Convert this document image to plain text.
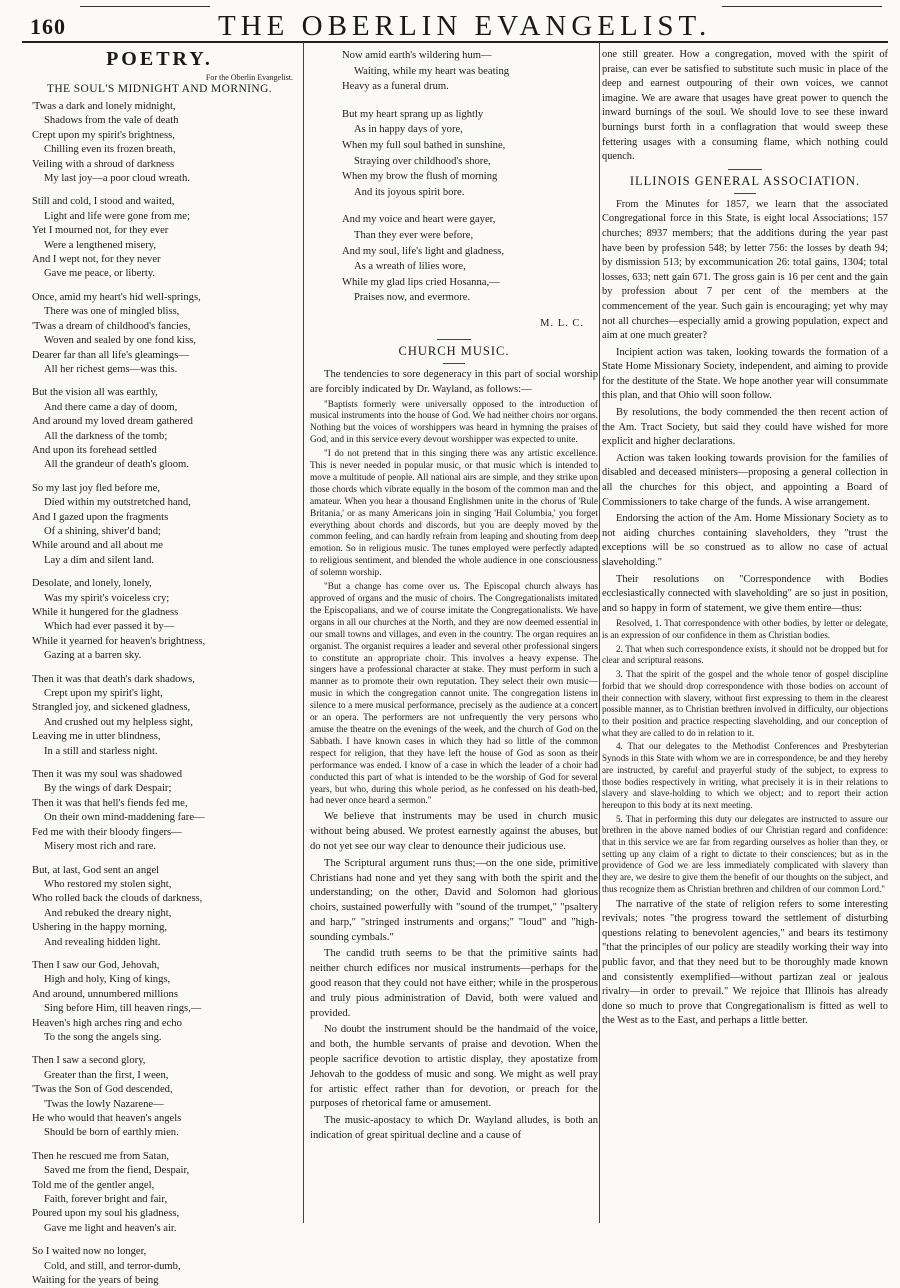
160	THE OBERLIN EVANGELIST.
POETRY.
For the Oberlin Evangelist.
THE SOUL'S MIDNIGHT AND MORNING.
'Twas a dark and lonely midnight,
Shadows from the vale of death
Crept upon my spirit's brightness,
Chilling even its frozen breath,
Veiling with a shroud of darkness
My last joy—a poor cloud wreath.
Still and cold, I stood and waited,
Light and life were gone from me;
Yet I mourned not, for they ever
Were a lengthened misery,
And I wept not, for they never
Gave me peace, or liberty.
Once, amid my heart's hid well-springs,
There was one of mingled bliss,
'Twas a dream of childhood's fancies,
Woven and sealed by one fond kiss,
Dearer far than all life's gleamings—
All her richest gems—was this.
But the vision all was earthly,
And there came a day of doom,
And around my loved dream gathered
All the darkness of the tomb;
And upon its forehead settled
All the grandeur of death's gloom.
So my last joy fled before me,
Died within my outstretched hand,
And I gazed upon the fragments
Of a shining, shiver'd band;
While around and all about me
Lay a dim and silent land.
Desolate, and lonely, lonely,
Was my spirit's voiceless cry;
While it hungered for the gladness
Which had ever passed it by—
While it yearned for heaven's brightness,
Gazing at a barren sky.
Then it was that death's dark shadows,
Crept upon my spirit's light,
Strangled joy, and sickened gladness,
And crushed out my helpless sight,
Leaving me in utter blindness,
In a still and starless night.
Then it was my soul was shadowed
By the wings of dark Despair;
Then it was that hell's fiends fed me,
On their own mind-maddening fare—
Fed me with their bloody fingers—
Misery most rich and rare.
But, at last, God sent an angel
Who restored my stolen sight,
Who rolled back the clouds of darkness,
And rebuked the dreary night,
Ushering in the happy morning,
And revealing hidden light.
Then I saw our God, Jehovah,
High and holy, King of kings,
And around, unnumbered millions
Sing before Him, till heaven rings,—
Heaven's high arches ring and echo
To the song the angels sing.
Then I saw a second glory,
Greater than the first, I ween,
'Twas the Son of God descended,
'Twas the lowly Nazarene—
He who would that heaven's angels
Should be born of earthly mien.
Then he rescued me from Satan,
Saved me from the fiend, Despair,
Told me of the gentler angel,
Faith, forever bright and fair,
Poured upon my soul his gladness,
Gave me light and heaven's air.
So I waited now no longer,
Cold, and still, and terror-dumb,
Waiting for the years of being
Now amid earth's wildering hum—
Waiting, while my heart was beating
Heavy as a funeral drum.
But my heart sprang up as lightly
As in happy days of yore,
When my full soul bathed in sunshine,
Straying over childhood's shore,
When my brow the flush of morning
And its joyous spirit bore.
And my voice and heart were gayer,
Than they ever were before,
And my soul, life's light and gladness,
As a wreath of lilies wore,
While my glad lips cried Hosanna,—
Praises now, and evermore.
M. L. C.
CHURCH MUSIC.

The tendencies to sore degeneracy in this part of social worship are forcibly indicated by Dr. Wayland, as follows:—

"Baptists formerly were universally opposed to the introduction of musical instruments into the house of God. We had neither choirs nor organs. Nothing but the voices of worshippers was heard in hymning the praises of God, and in this service every devout worshipper was expected to unite.

"I do not pretend that in this singing there was any artistic excellence. This is never needed in popular music, or that music which is intended to move a multitude of people. All national airs are simple, and they strike upon those chords which vibrate equally in the bosom of the common man and the amateur. When you hear a thousand Englishmen unite in the chorus of 'Rule Britania,' or as many Americans join in singing 'Hail Columbia,' you forget everything about chords and discords, but you are deeply moved by the common feeling, and can hardly refrain from leaping and shouting from deep emotion. So in religious music. The tunes employed were perfectly adapted to religious sentiment, and blended the whole audience in one consciousness of solemn worship.

"But a change has come over us. The Episcopal church always has approved of organs and the music of choirs. The Congregationalists imitated the Episcopalians, and we of course imitate the Congregationalists. We have organs in all our churches at the North, and they are now deemed essential in our small towns and villages, and even in the country. The organ requires an organist. The organist requires a leader and several other professional singers to constitute an appropriate choir. This involves a heavy expense. The singers have a professional character at stake. They must perform in such a manner as to promote their own reputation. They select their own music—music in which the congregation cannot unite. The congregation listens in silence to a mere musical performance, precisely as the audience at a concert or an opera. The performers are not unfrequently the very persons who amuse the theatre on the evenings of the week, and the church of God on the Sabbath. I have known cases in which they had so little of the common respect for religion, that they have left the house of God as soon as their performance was ended. I know of a case in which the leader of a choir had conducted this part of what is intended to be the worship of God for several years, but who, during this whole period, as he confessed on his death-bed, had never once heard a sermon."

We believe that instruments may be used in church music without being abused. We protest earnestly against the abuses, but do not yet see our way clear to denounce their judicious use.

The Scriptural argument runs thus;—on the one side, primitive Christians had none and yet they sang with both the spirit and the understanding; on the other, David and Solomon had glorious choirs, sustained powerfully with "sound of the trumpet," "psaltery and harp," "stringed instruments and organs;" "loud" and "high-sounding cymbals."

The candid truth seems to be that the primitive saints had neither church edifices nor musical instruments—perhaps for the good reason that they could not have either; while in the prosperous and truly pious administration of David, both were valued and provided.

No doubt the instrument should be the handmaid of the voice, and both, the humble servants of praise and devotion. When the people sacrifice devotion to artistic display, they apostatize from Jehovah to the goddess of music and song. We might as well pray for artistic effect rather than for devotion, or preach for the purposes of rhetorical fame or amusement.

The music-apostacy to which Dr. Wayland alludes, is both an indication of great spiritual decline and a cause of

one still greater. How a congregation, moved with the spirit of praise, can ever be satisfied to substitute such music in place of the deep and earnest outpouring of their own voices, we cannot imagine. We are aware that usages have great power to quench the inward burnings of the soul. We should love to see these inward burnings burst forth in a conflagration that would sweep these fettering usages with a consuming flame, which nothing could quench.

ILLINOIS GENERAL ASSOCIATION.

From the Minutes for 1857, we learn that the associated Congregational force in this State, is eight local Associations; 157 churches; 8937 members; that the additions during the year past have been by profession 548; by letter 756: the losses by death 94; by dismission 513; by excommunication 26: total gains, 1304; total losses, 633; nett gain 671. The gross gain is 16 per cent and the gain by profession about 7 per cent of the members at the commencement of the year. Such gain is encouraging; yet why may not all churches—especially amid a growing population, expect and aim at one much greater?

Incipient action was taken, looking towards the formation of a State Home Missionary Society, independent, and aiming to provide for the destitute of the State. We hope another year will consummate this plan, and that Ohio will soon follow.

By resolutions, the body commended the then recent action of the Am. Tract Society, but said they could have wished for more explicit and higher declarations.

Action was taken looking towards provision for the families of disabled and deceased ministers—proposing a general collection in all the churches for this object, and appointing a Board of Commissioners to take charge of the funds. A wise arrangement.

Endorsing the action of the Am. Home Missionary Society as to not aiding churches containing slaveholders, they "trust the exceptions will be so construed as to allow no case of actual slaveholding."

Their resolutions on "Correspondence with Bodies ecclesiastically connected with slaveholding" are so just in position, and so happy in form of statement, we give them entire—thus:

Resolved, 1. That correspondence with other bodies, by letter or delegate, is an expression of our confidence in them as Christian bodies.

2. That when such correspondence exists, it should not be dropped but for clear and scriptural reasons.

3. That the spirit of the gospel and the whole tenor of gospel discipline forbid that we should drop correspondence with those bodies on account of their connection with slavery, without first expressing to them in the clearest possible manner, as to Christian brethren involved in difficulty, our objections to their position and practice respecting slaveholding, and our conception of what they are called to do in relation to it.

4. That our delegates to the Methodist Conferences and Presbyterian Synods in this State with whom we are in correspondence, be and they hereby are instructed, by careful and prayerful study of the subject, to express to those bodies respectively in writing, what precisely it is in their relations to slavery and slave-holding to which we object; and to report their action hereupon to this body at its next meeting.

5. That in performing this duty our delegates are instructed to assure our brethren in the above named bodies of our Christian regard and confidence: that in this service we are far from regarding ourselves as holier than they, or setting up any claim of a right to dictate to their consciences; but as in the providence of God we are less immediately complicated with slavery than they are, we desire to give them the benefit of our thoughts on the subject, and thus recognize them as Christian brethren and children of our common Lord."

The narrative of the state of religion refers to some interesting revivals; notes "the progress toward the settlement of disturbing questions relating to benevolent agencies," and bears its testimony "that the principles of our policy are steadily working their way into public favor, and that they need but to be thoroughly made known and consistently exemplified—without partizan zeal or jealous rivalry—in order to prevail." We rejoice that Illinois has already done so much to prove that Congregationalism is fitted as well to the West as to the East, and perhaps a little better.
